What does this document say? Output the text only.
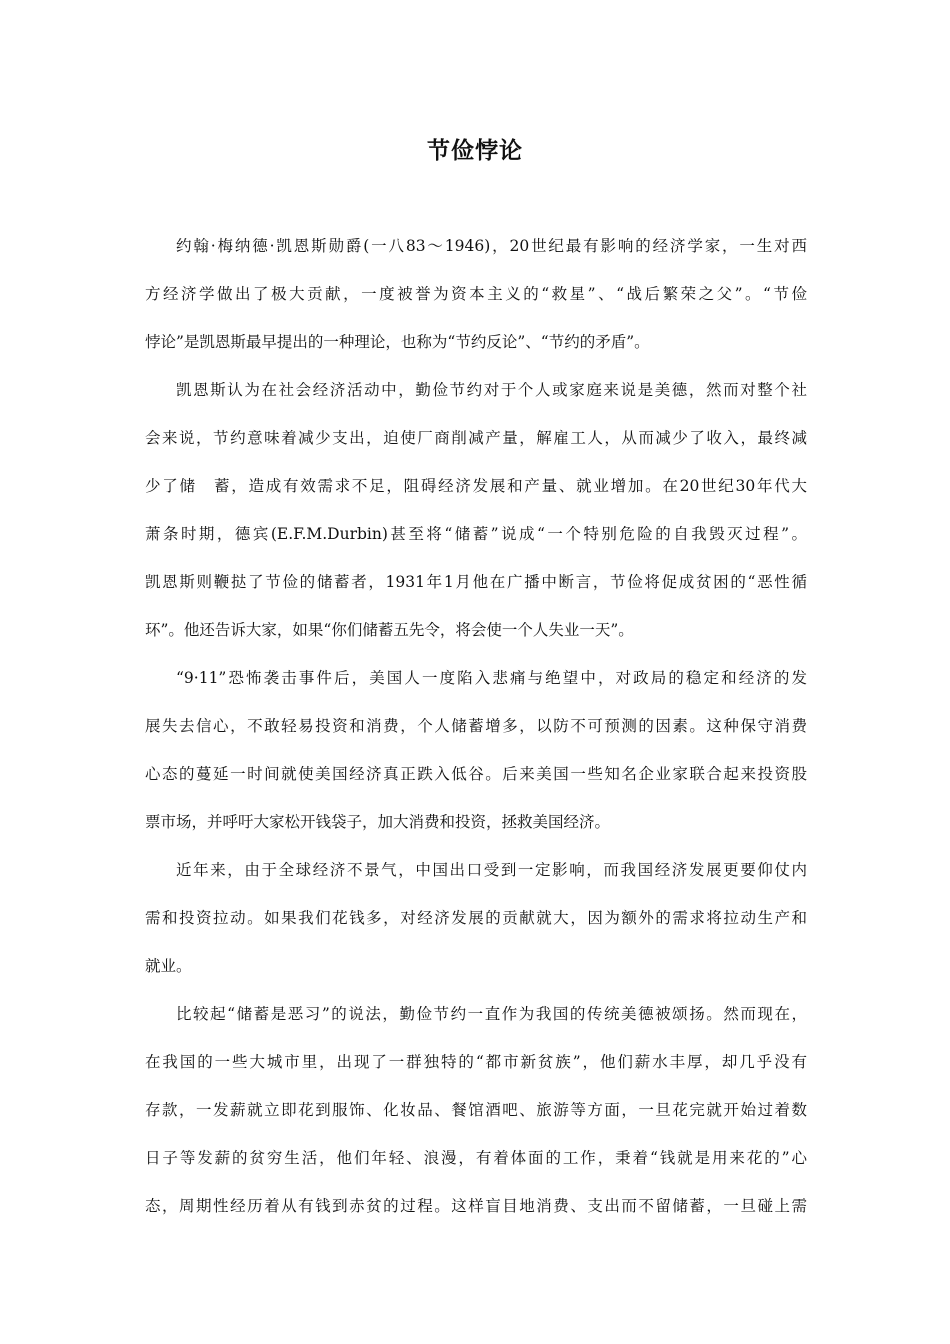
节俭悖论
约翰·梅纳德·凯恩斯勋爵(一八83～1946)，20世纪最有影响的经济学家，一生对西
方经济学做出了极大贡献，一度被誉为资本主义的“救星”、“战后繁荣之父”。“节俭
悖论”是凯恩斯最早提出的一种理论，也称为“节约反论”、“节约的矛盾”。
凯恩斯认为在社会经济活动中，勤俭节约对于个人或家庭来说是美德，然而对整个社
会来说，节约意味着减少支出，迫使厂商削减产量，解雇工人，从而减少了收入，最终减
少了储　蓄，造成有效需求不足，阻碍经济发展和产量、就业增加。在20世纪30年代大
萧条时期，德宾(E.F.M.Durbin)甚至将“储蓄”说成“一个特别危险的自我毁灭过程”。
凯恩斯则鞭挞了节俭的储蓄者，1931年1月他在广播中断言，节俭将促成贫困的“恶性循
环”。他还告诉大家，如果“你们储蓄五先令，将会使一个人失业一天”。
“9·11”恐怖袭击事件后，美国人一度陷入悲痛与绝望中，对政局的稳定和经济的发
展失去信心，不敢轻易投资和消费，个人储蓄增多，以防不可预测的因素。这种保守消费
心态的蔓延一时间就使美国经济真正跌入低谷。后来美国一些知名企业家联合起来投资股
票市场，并呼吁大家松开钱袋子，加大消费和投资，拯救美国经济。
近年来，由于全球经济不景气，中国出口受到一定影响，而我国经济发展更要仰仗内
需和投资拉动。如果我们花钱多，对经济发展的贡献就大，因为额外的需求将拉动生产和
就业。
比较起“储蓄是恶习”的说法，勤俭节约一直作为我国的传统美德被颂扬。然而现在，
在我国的一些大城市里，出现了一群独特的“都市新贫族”，他们薪水丰厚，却几乎没有
存款，一发薪就立即花到服饰、化妆品、餐馆酒吧、旅游等方面，一旦花完就开始过着数
日子等发薪的贫穷生活，他们年轻、浪漫，有着体面的工作，秉着“钱就是用来花的”心
态，周期性经历着从有钱到赤贫的过程。这样盲目地消费、支出而不留储蓄，一旦碰上需
